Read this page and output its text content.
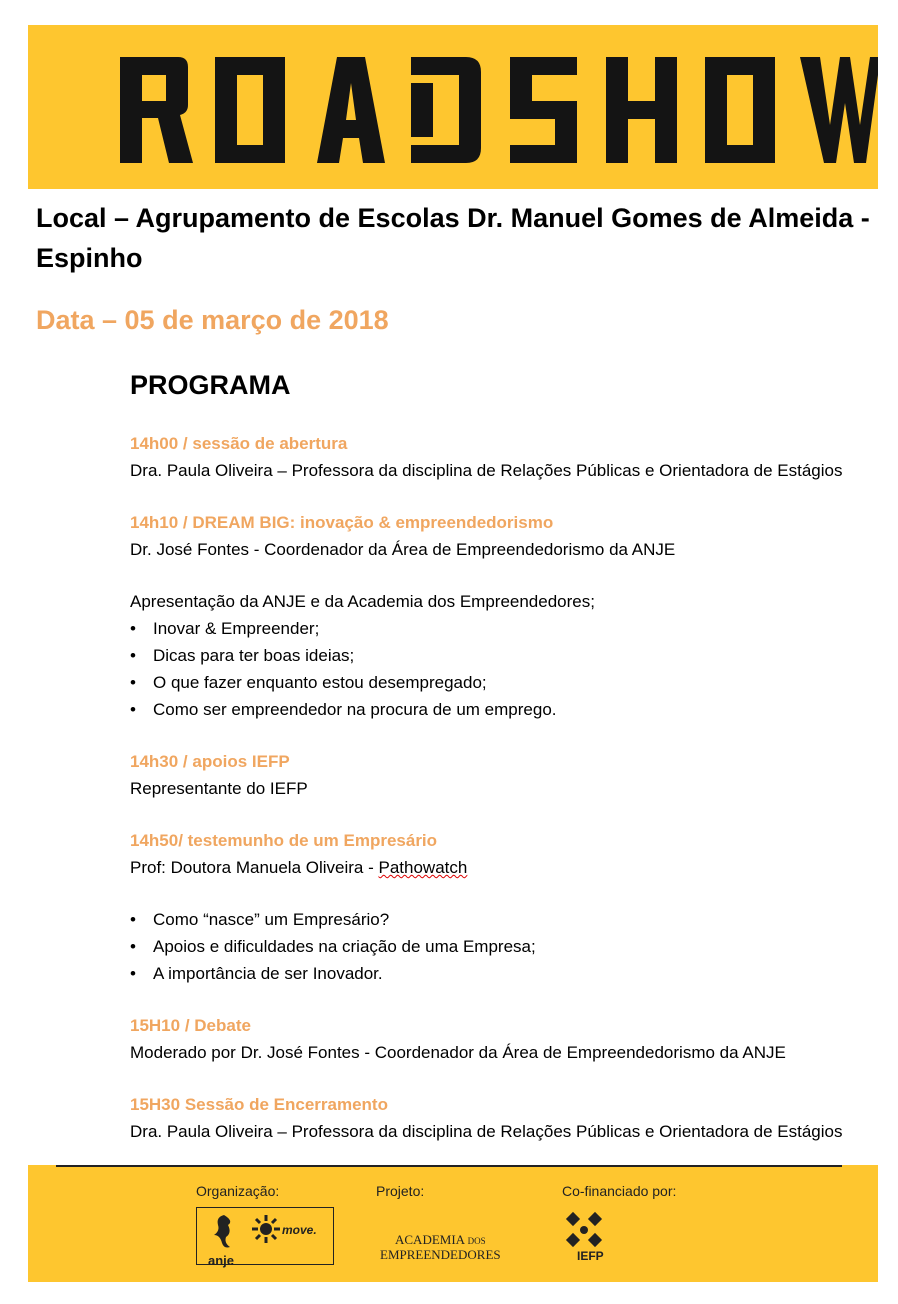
Local – Agrupamento de Escolas Dr. Manuel Gomes de Almeida - Espinho
Data – 05 de março de 2018
PROGRAMA
14h00 / sessão de abertura
Dra. Paula Oliveira – Professora da disciplina de Relações Públicas e Orientadora de Estágios
14h10 / DREAM BIG: inovação & empreendedorismo
Dr. José Fontes - Coordenador da Área de Empreendedorismo da ANJE
Apresentação da ANJE e da Academia dos Empreendedores;
• Inovar & Empreender;
• Dicas para ter boas ideias;
• O que fazer enquanto estou desempregado;
• Como ser empreendedor na procura de um emprego.
14h30 / apoios IEFP
Representante do IEFP
14h50/ testemunho de um Empresário
Prof: Doutora Manuela Oliveira - Pathowatch
• Como “nasce” um Empresário?
• Apoios e dificuldades na criação de uma Empresa;
• A importância de ser Inovador.
15H10 / Debate
Moderado por Dr. José Fontes - Coordenador da Área de Empreendedorismo da ANJE
15H30 Sessão de Encerramento
Dra. Paula Oliveira – Professora da disciplina de Relações Públicas e Orientadora de Estágios
Organização:	Projeto:	Co-financiado por:
anje
move.
ACADEMIA DOS
EMPREENDEDORES	IEFP
